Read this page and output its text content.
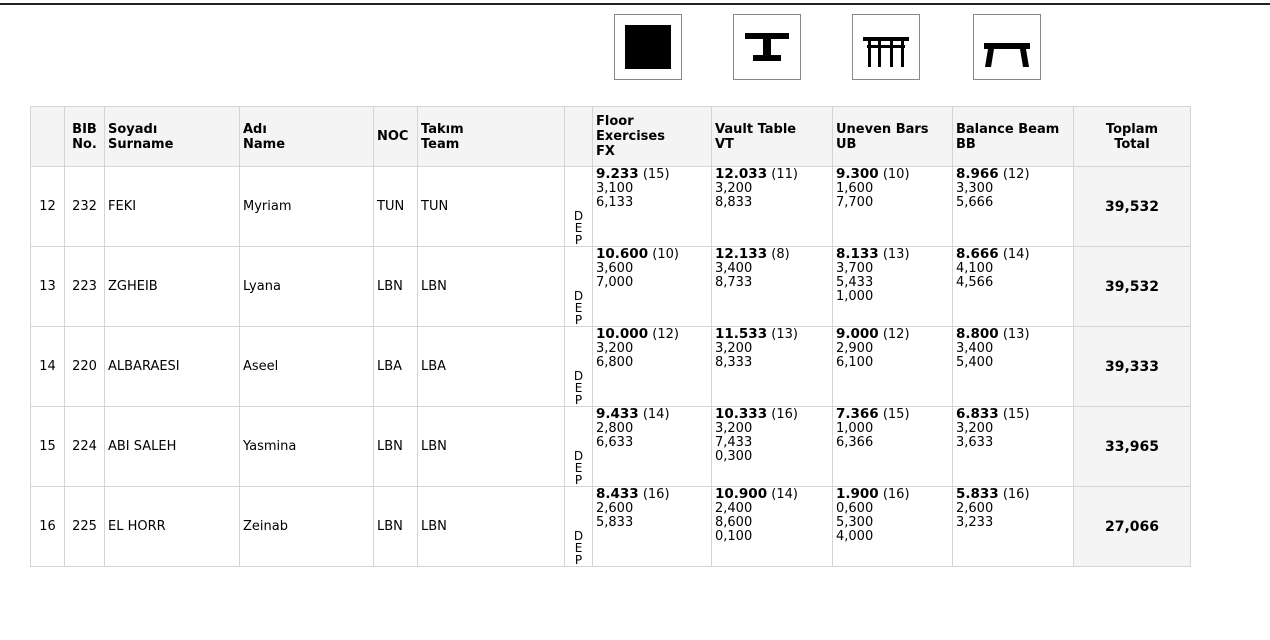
	BIB
No.	Soyadı
Surname	Adı
Name	NOC	Takım
Team		Floor
Exercises
FX	Vault Table
VT	Uneven Bars
UB	Balance Beam
BB	Toplam
Total
12	232	FEKI	Myriam	TUN	TUN	D
E
P	9.233 (15)
3,100
6,133	12.033 (11)
3,200
8,833	9.300 (10)
1,600
7,700	8.966 (12)
3,300
5,666	39,532
13	223	ZGHEIB	Lyana	LBN	LBN	D
E
P	10.600 (10)
3,600
7,000	12.133 (8)
3,400
8,733	8.133 (13)
3,700
5,433
1,000	8.666 (14)
4,100
4,566	39,532
14	220	ALBARAESI	Aseel	LBA	LBA	D
E
P	10.000 (12)
3,200
6,800	11.533 (13)
3,200
8,333	9.000 (12)
2,900
6,100	8.800 (13)
3,400
5,400	39,333
15	224	ABI SALEH	Yasmina	LBN	LBN	D
E
P	9.433 (14)
2,800
6,633	10.333 (16)
3,200
7,433
0,300	7.366 (15)
1,000
6,366	6.833 (15)
3,200
3,633	33,965
16	225	EL HORR	Zeinab	LBN	LBN	D
E
P	8.433 (16)
2,600
5,833	10.900 (14)
2,400
8,600
0,100	1.900 (16)
0,600
5,300
4,000	5.833 (16)
2,600
3,233	27,066
